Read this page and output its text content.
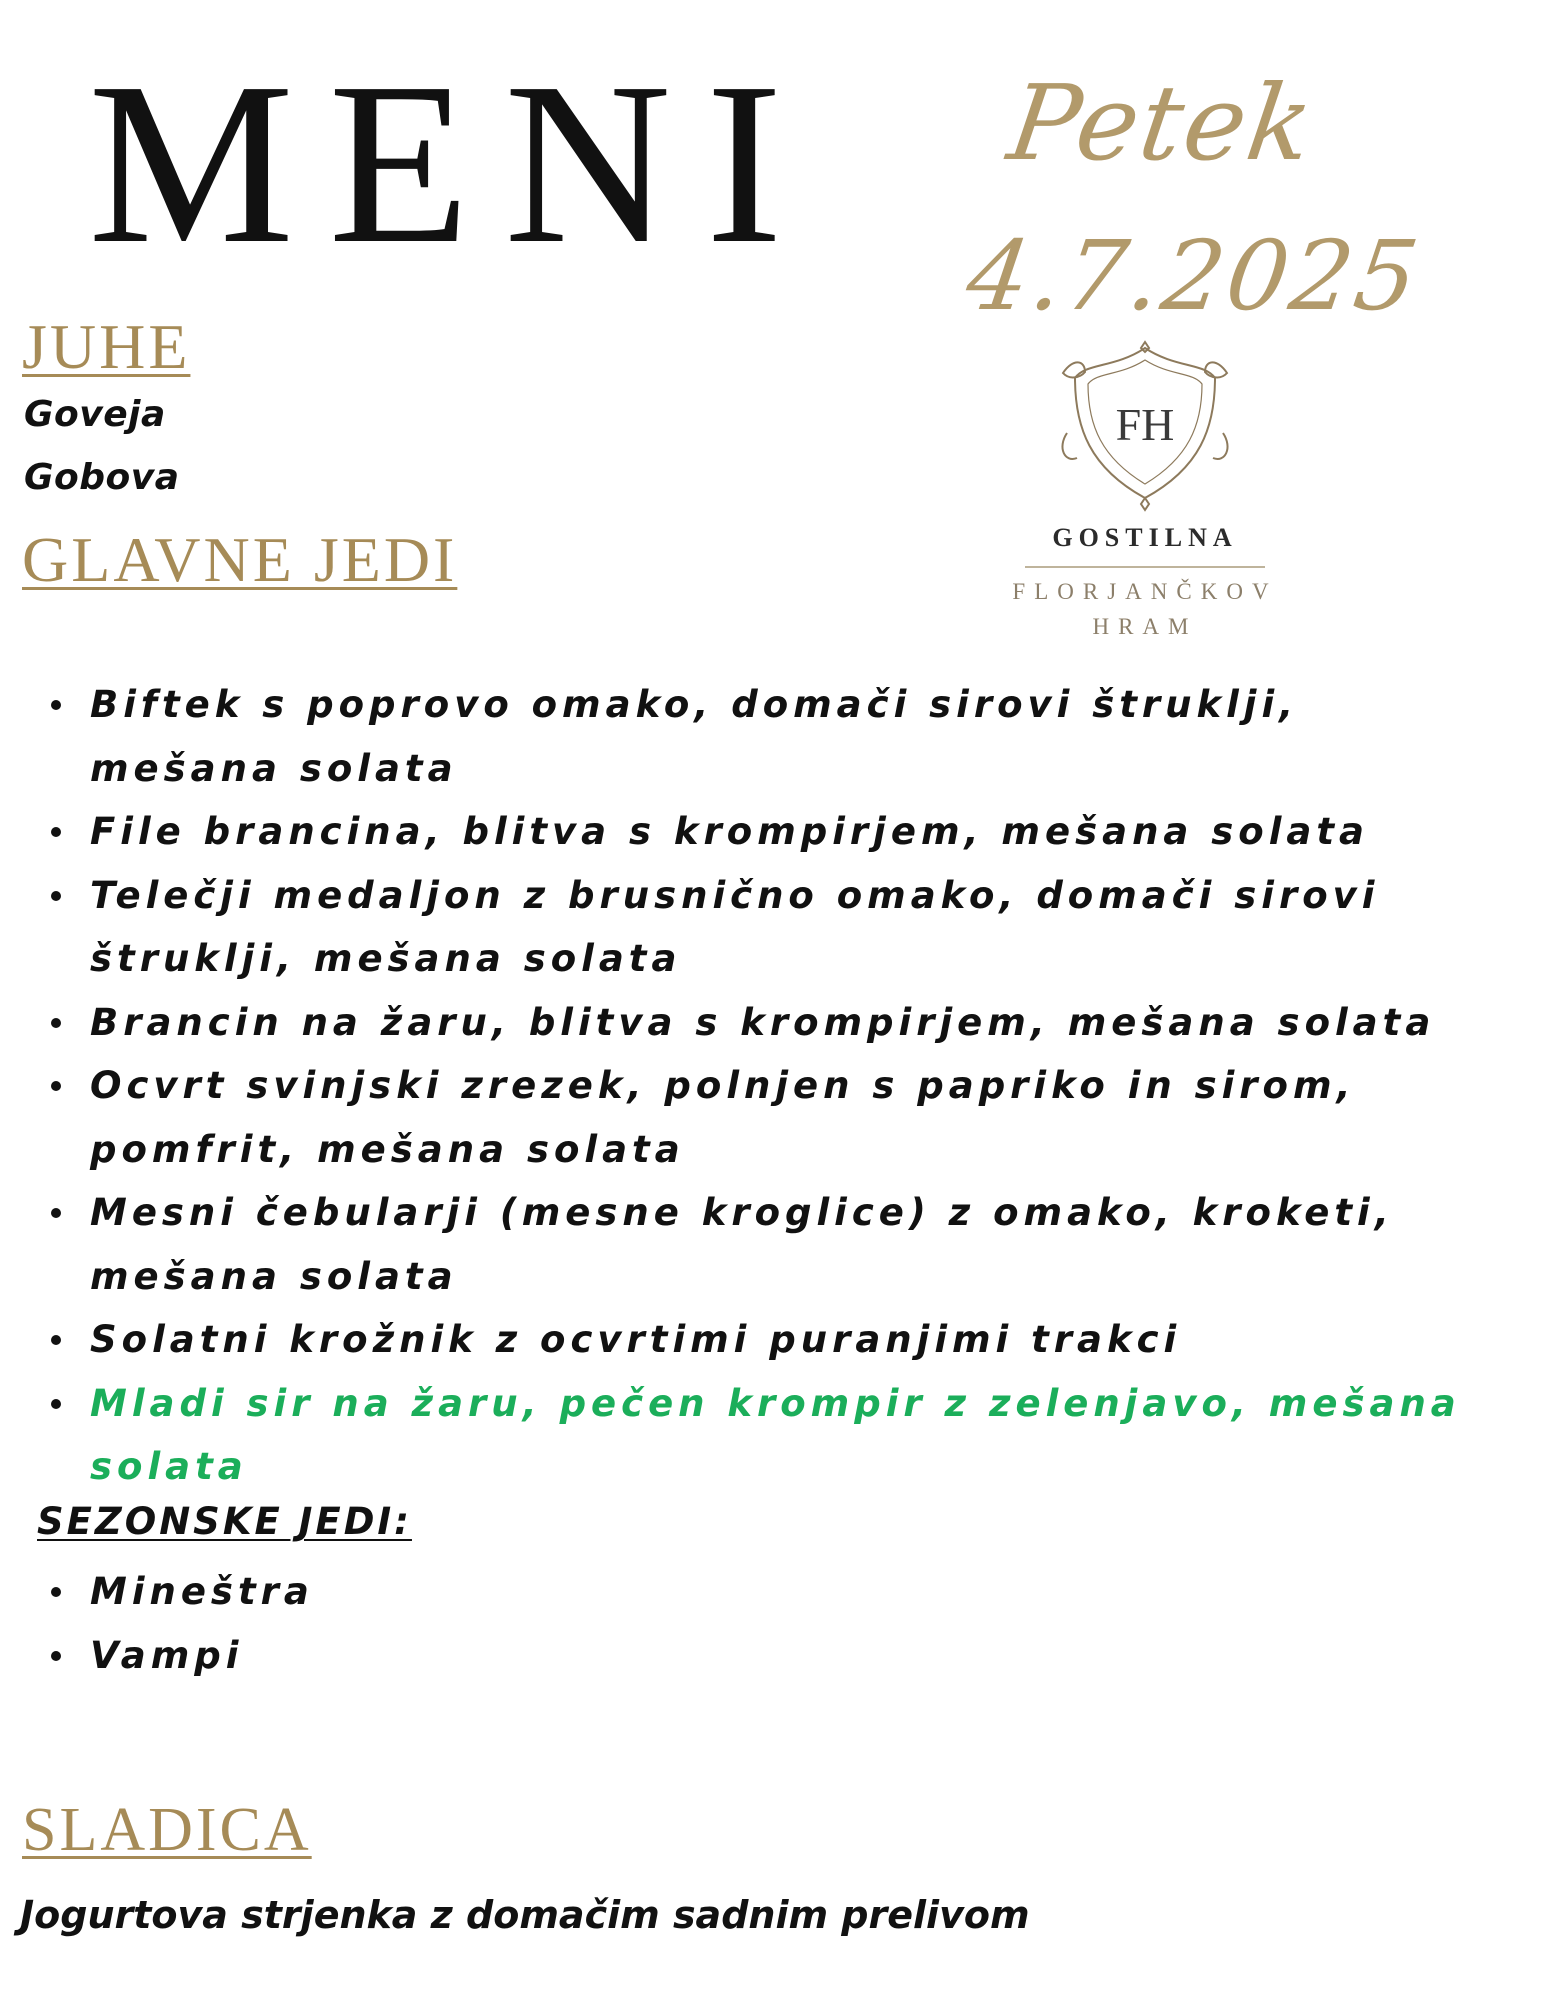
MENI Petek
4.7.2025
JUHE
Goveja
Gobova
FH
GOSTILNA
FLORJANČKOV
HRAM
GLAVNE JEDI
Biftek s poprovo omako, domači sirovi štruklji, mešana solata
File brancina, blitva s krompirjem, mešana solata
Telečji medaljon z brusnično omako, domači sirovi štruklji, mešana solata
Brancin na žaru, blitva s krompirjem, mešana solata
Ocvrt svinjski zrezek, polnjen s papriko in sirom, pomfrit, mešana solata
Mesni čebularji (mesne kroglice) z omako, kroketi, mešana solata
Solatni krožnik z ocvrtimi puranjimi trakci
Mladi sir na žaru, pečen krompir z zelenjavo, mešana solata
SEZONSKE JEDI:
Mineštra
Vampi
SLADICA
Jogurtova strjenka z domačim sadnim prelivom
